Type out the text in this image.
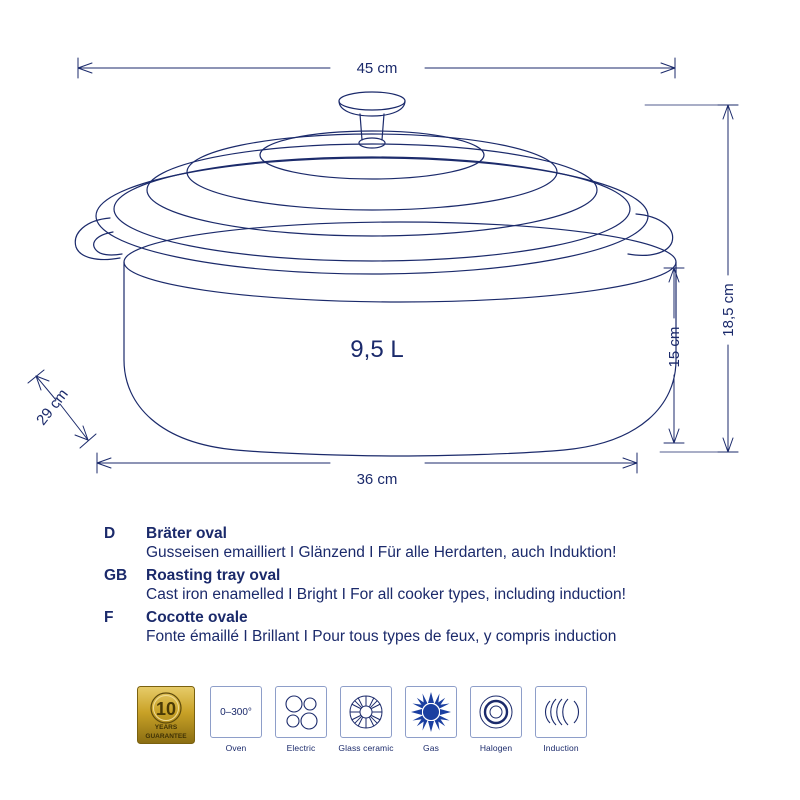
45 cm
36 cm
18,5 cm
15 cm
29 cm
9,5 L
D	Bräter oval
Gusseisen emailliert I Glänzend I Für alle Herdarten, auch Induktion!
GB	Roasting tray oval
Cast iron enamelled I Bright I For all cooker types, including induction!
F	Cocotte ovale
Fonte émaillé I Brillant I Pour tous types de feux, y compris induction
10
YEARS
GUARANTEE
0–300°
Oven	Electric	Glass ceramic	Gas	Halogen	Induction
